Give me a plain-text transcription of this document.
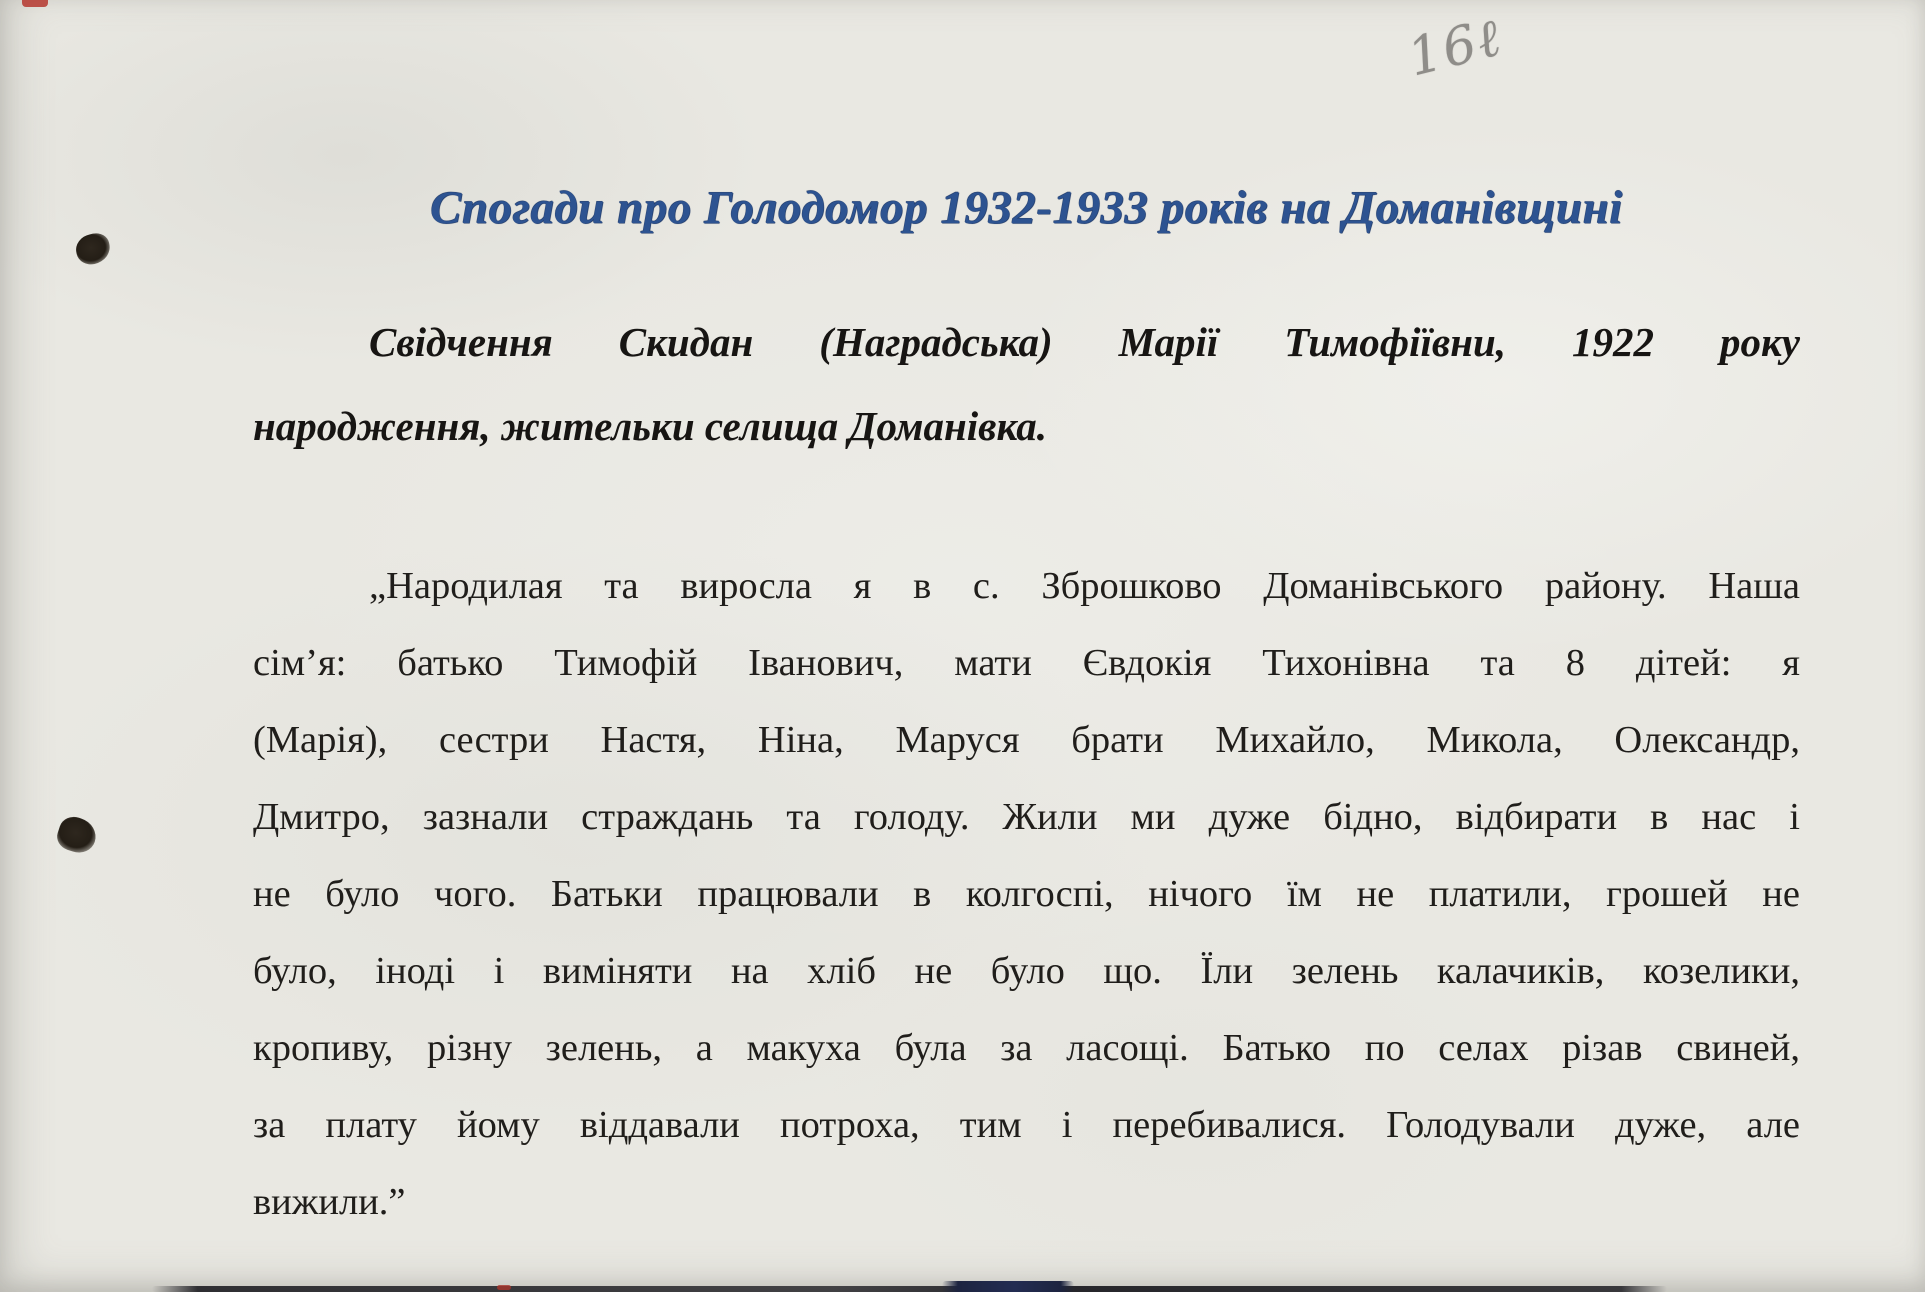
16ℓ
Спогади про Голодомор 1932-1933 років на Доманівщині
Свідчення Скидан (Наградська) Марії Тимофіївни, 1922 року
народження, жительки селища Доманівка.
„Народилая та виросла я в с. Зброшково Доманівського району. Наша
сім’я: батько Тимофій Іванович, мати Євдокія Тихонівна та 8 дітей: я
(Марія), сестри Настя, Ніна, Маруся брати Михайло, Микола, Олександр,
Дмитро, зазнали страждань та голоду. Жили ми дуже бідно, відбирати в нас і
не було чого. Батьки працювали в колгоспі, нічого їм не платили, грошей не
було, іноді і виміняти на хліб не було що. Їли зелень калачиків, козелики,
кропиву, різну зелень, а макуха була за ласощі. Батько по селах різав свиней,
за плату йому віддавали потроха, тим і перебивалися. Голодували дуже, але
вижили.”
